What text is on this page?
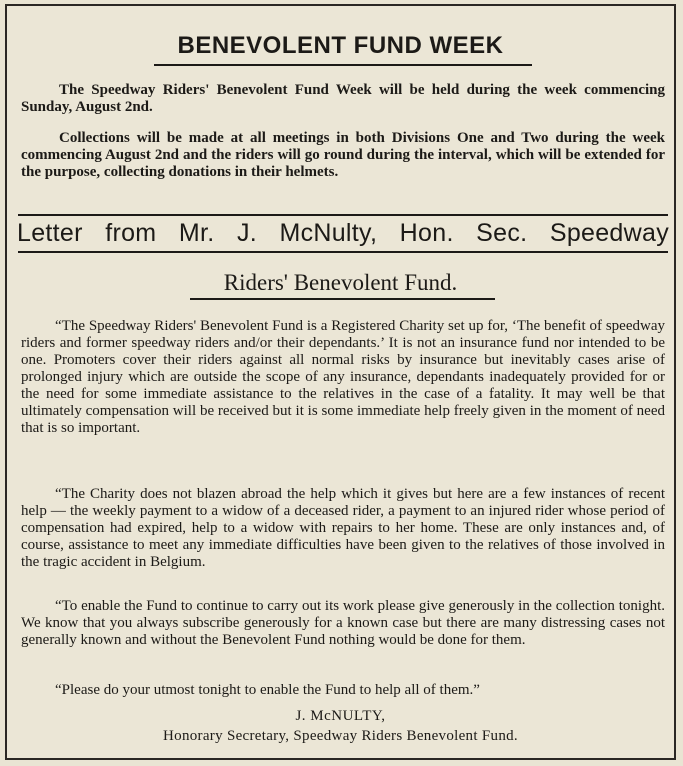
BENEVOLENT FUND WEEK
The Speedway Riders' Benevolent Fund Week will be held during the week commencing Sunday, August 2nd.
Collections will be made at all meetings in both Divisions One and Two during the week commencing August 2nd and the riders will go round during the interval, which will be extended for the purpose, collecting donations in their helmets.
Letter from Mr. J. McNulty, Hon. Sec. Speedway
Riders' Benevolent Fund.
“The Speedway Riders' Benevolent Fund is a Registered Charity set up for, ‘The benefit of speedway riders and former speedway riders and/or their dependants.’ It is not an insurance fund nor intended to be one. Promoters cover their riders against all normal risks by insurance but inevitably cases arise of prolonged injury which are outside the scope of any insurance, dependants inadequately provided for or the need for some immediate assistance to the relatives in the case of a fatality. It may well be that ultimately compensation will be received but it is some immediate help freely given in the moment of need that is so important.
“The Charity does not blazen abroad the help which it gives but here are a few instances of recent help — the weekly payment to a widow of a deceased rider, a payment to an injured rider whose period of compensation had expired, help to a widow with repairs to her home. These are only instances and, of course, assistance to meet any immediate difficulties have been given to the relatives of those involved in the tragic accident in Belgium.
“To enable the Fund to continue to carry out its work please give generously in the collection tonight. We know that you always subscribe generously for a known case but there are many distressing cases not generally known and without the Benevolent Fund nothing would be done for them.
“Please do your utmost tonight to enable the Fund to help all of them.”
J. McNULTY,
Honorary Secretary, Speedway Riders Benevolent Fund.
